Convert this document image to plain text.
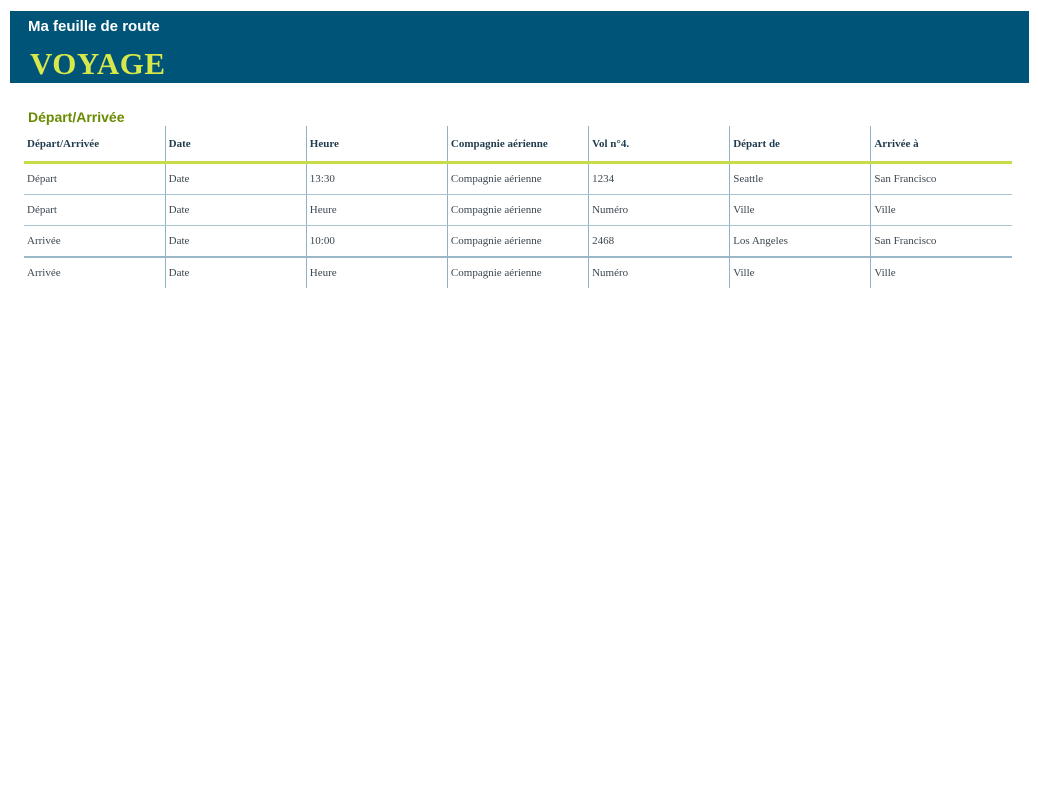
Ma feuille de route
VOYAGE
Départ/Arrivée
Départ/Arrivée	Date	Heure	Compagnie aérienne	Vol n°4.	Départ de	Arrivée à
Départ	Date	13:30	Compagnie aérienne	1234	Seattle	San Francisco
Départ	Date	Heure	Compagnie aérienne	Numéro	Ville	Ville
Arrivée	Date	10:00	Compagnie aérienne	2468	Los Angeles	San Francisco
Arrivée	Date	Heure	Compagnie aérienne	Numéro	Ville	Ville
